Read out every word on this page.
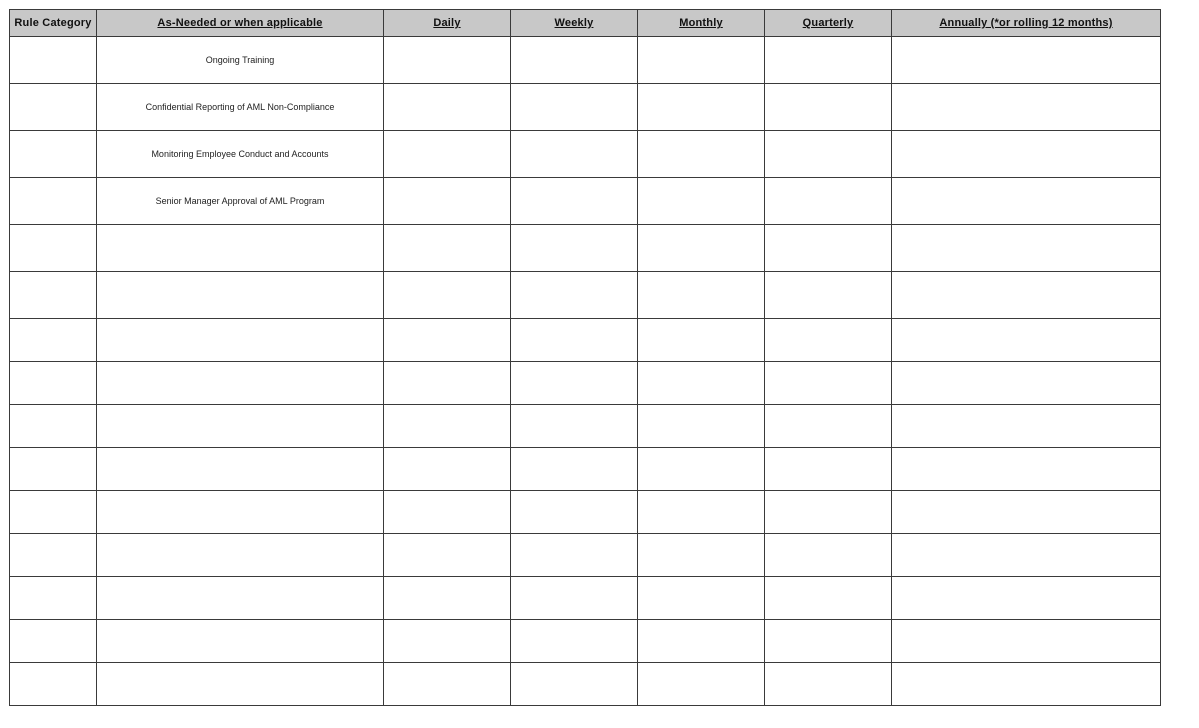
Rule Category	As-Needed or when applicable	Daily	Weekly	Monthly	Quarterly	Annually (*or rolling 12 months)
	Ongoing Training					
	Confidential Reporting of AML Non-Compliance					
	Monitoring Employee Conduct and Accounts					
	Senior Manager Approval of AML Program					
